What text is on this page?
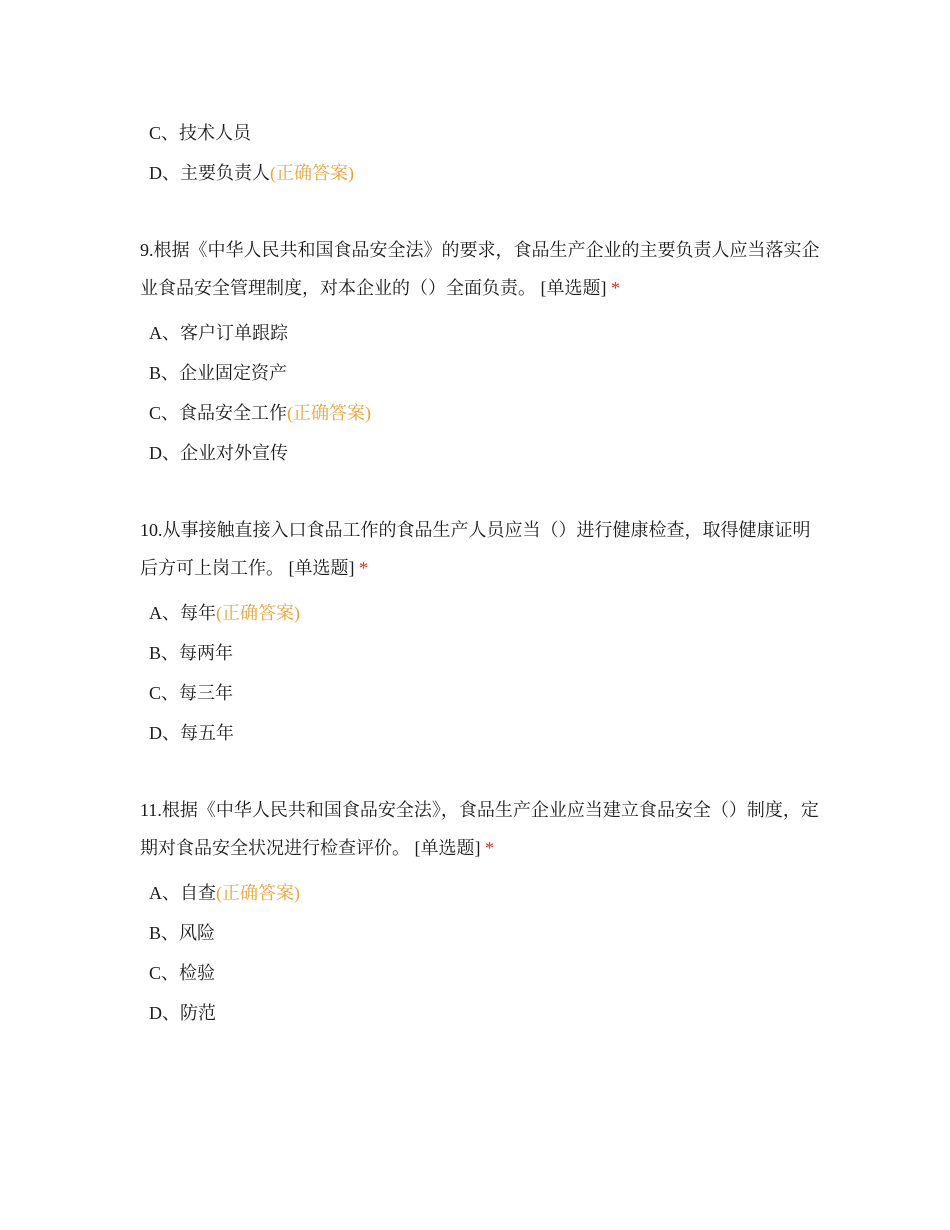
C、技术人员
D、主要负责人(正确答案)

9.根据《中华人民共和国食品安全法》的要求，食品生产企业的主要负责人应当落实企业食品安全管理制度，对本企业的（）全面负责。 [单选题] *

A、客户订单跟踪
B、企业固定资产
C、食品安全工作(正确答案)
D、企业对外宣传

10.从事接触直接入口食品工作的食品生产人员应当（）进行健康检查，取得健康证明后方可上岗工作。 [单选题] *

A、每年(正确答案)
B、每两年
C、每三年
D、每五年

11.根据《中华人民共和国食品安全法》，食品生产企业应当建立食品安全（）制度，定期对食品安全状况进行检查评价。 [单选题] *

A、自查(正确答案)
B、风险
C、检验
D、防范
